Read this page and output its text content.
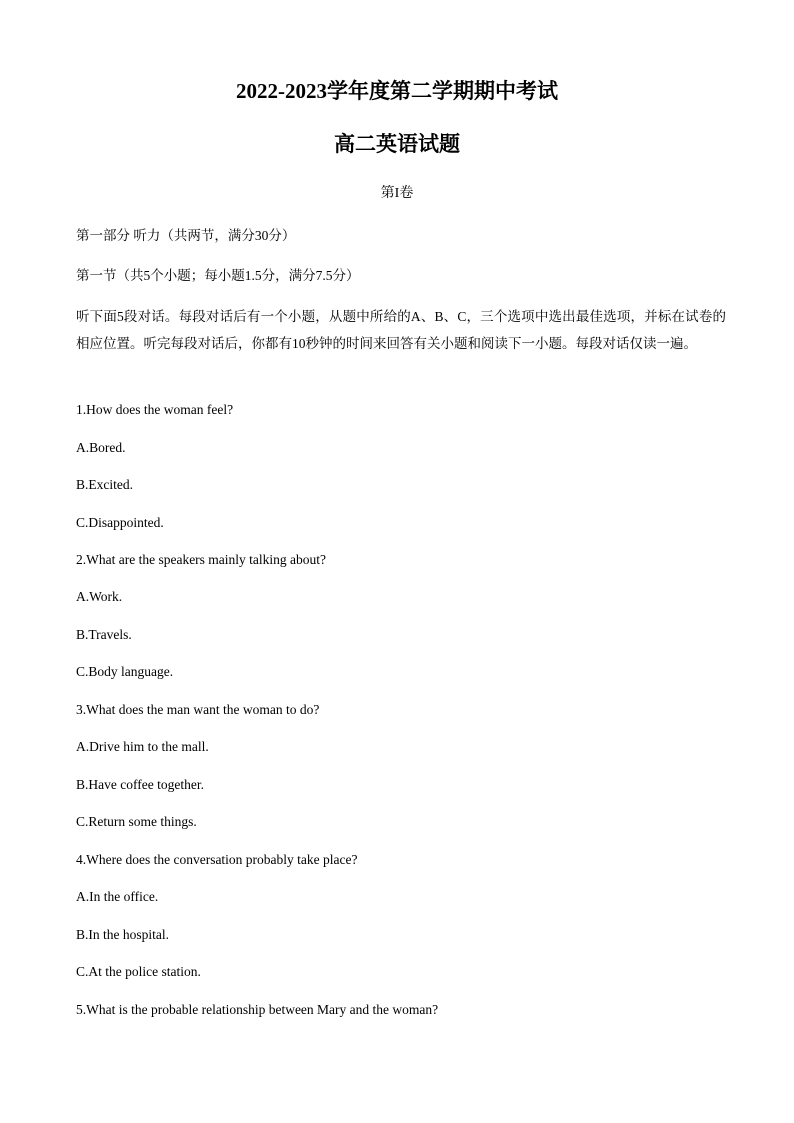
2022-2023学年度第二学期期中考试
高二英语试题
第I卷
第一部分 听力（共两节，满分30分）
第一节（共5个小题；每小题1.5分，满分7.5分）
听下面5段对话。每段对话后有一个小题，从题中所给的A、B、C，三个选项中选出最佳选项，并标在试卷的相应位置。听完每段对话后，你都有10秒钟的时间来回答有关小题和阅读下一小题。每段对话仅读一遍。
1.How does the woman feel?
A.Bored.
B.Excited.
C.Disappointed.
2.What are the speakers mainly talking about?
A.Work.
B.Travels.
C.Body language.
3.What does the man want the woman to do?
A.Drive him to the mall.
B.Have coffee together.
C.Return some things.
4.Where does the conversation probably take place?
A.In the office.
B.In the hospital.
C.At the police station.
5.What is the probable relationship between Mary and the woman?
